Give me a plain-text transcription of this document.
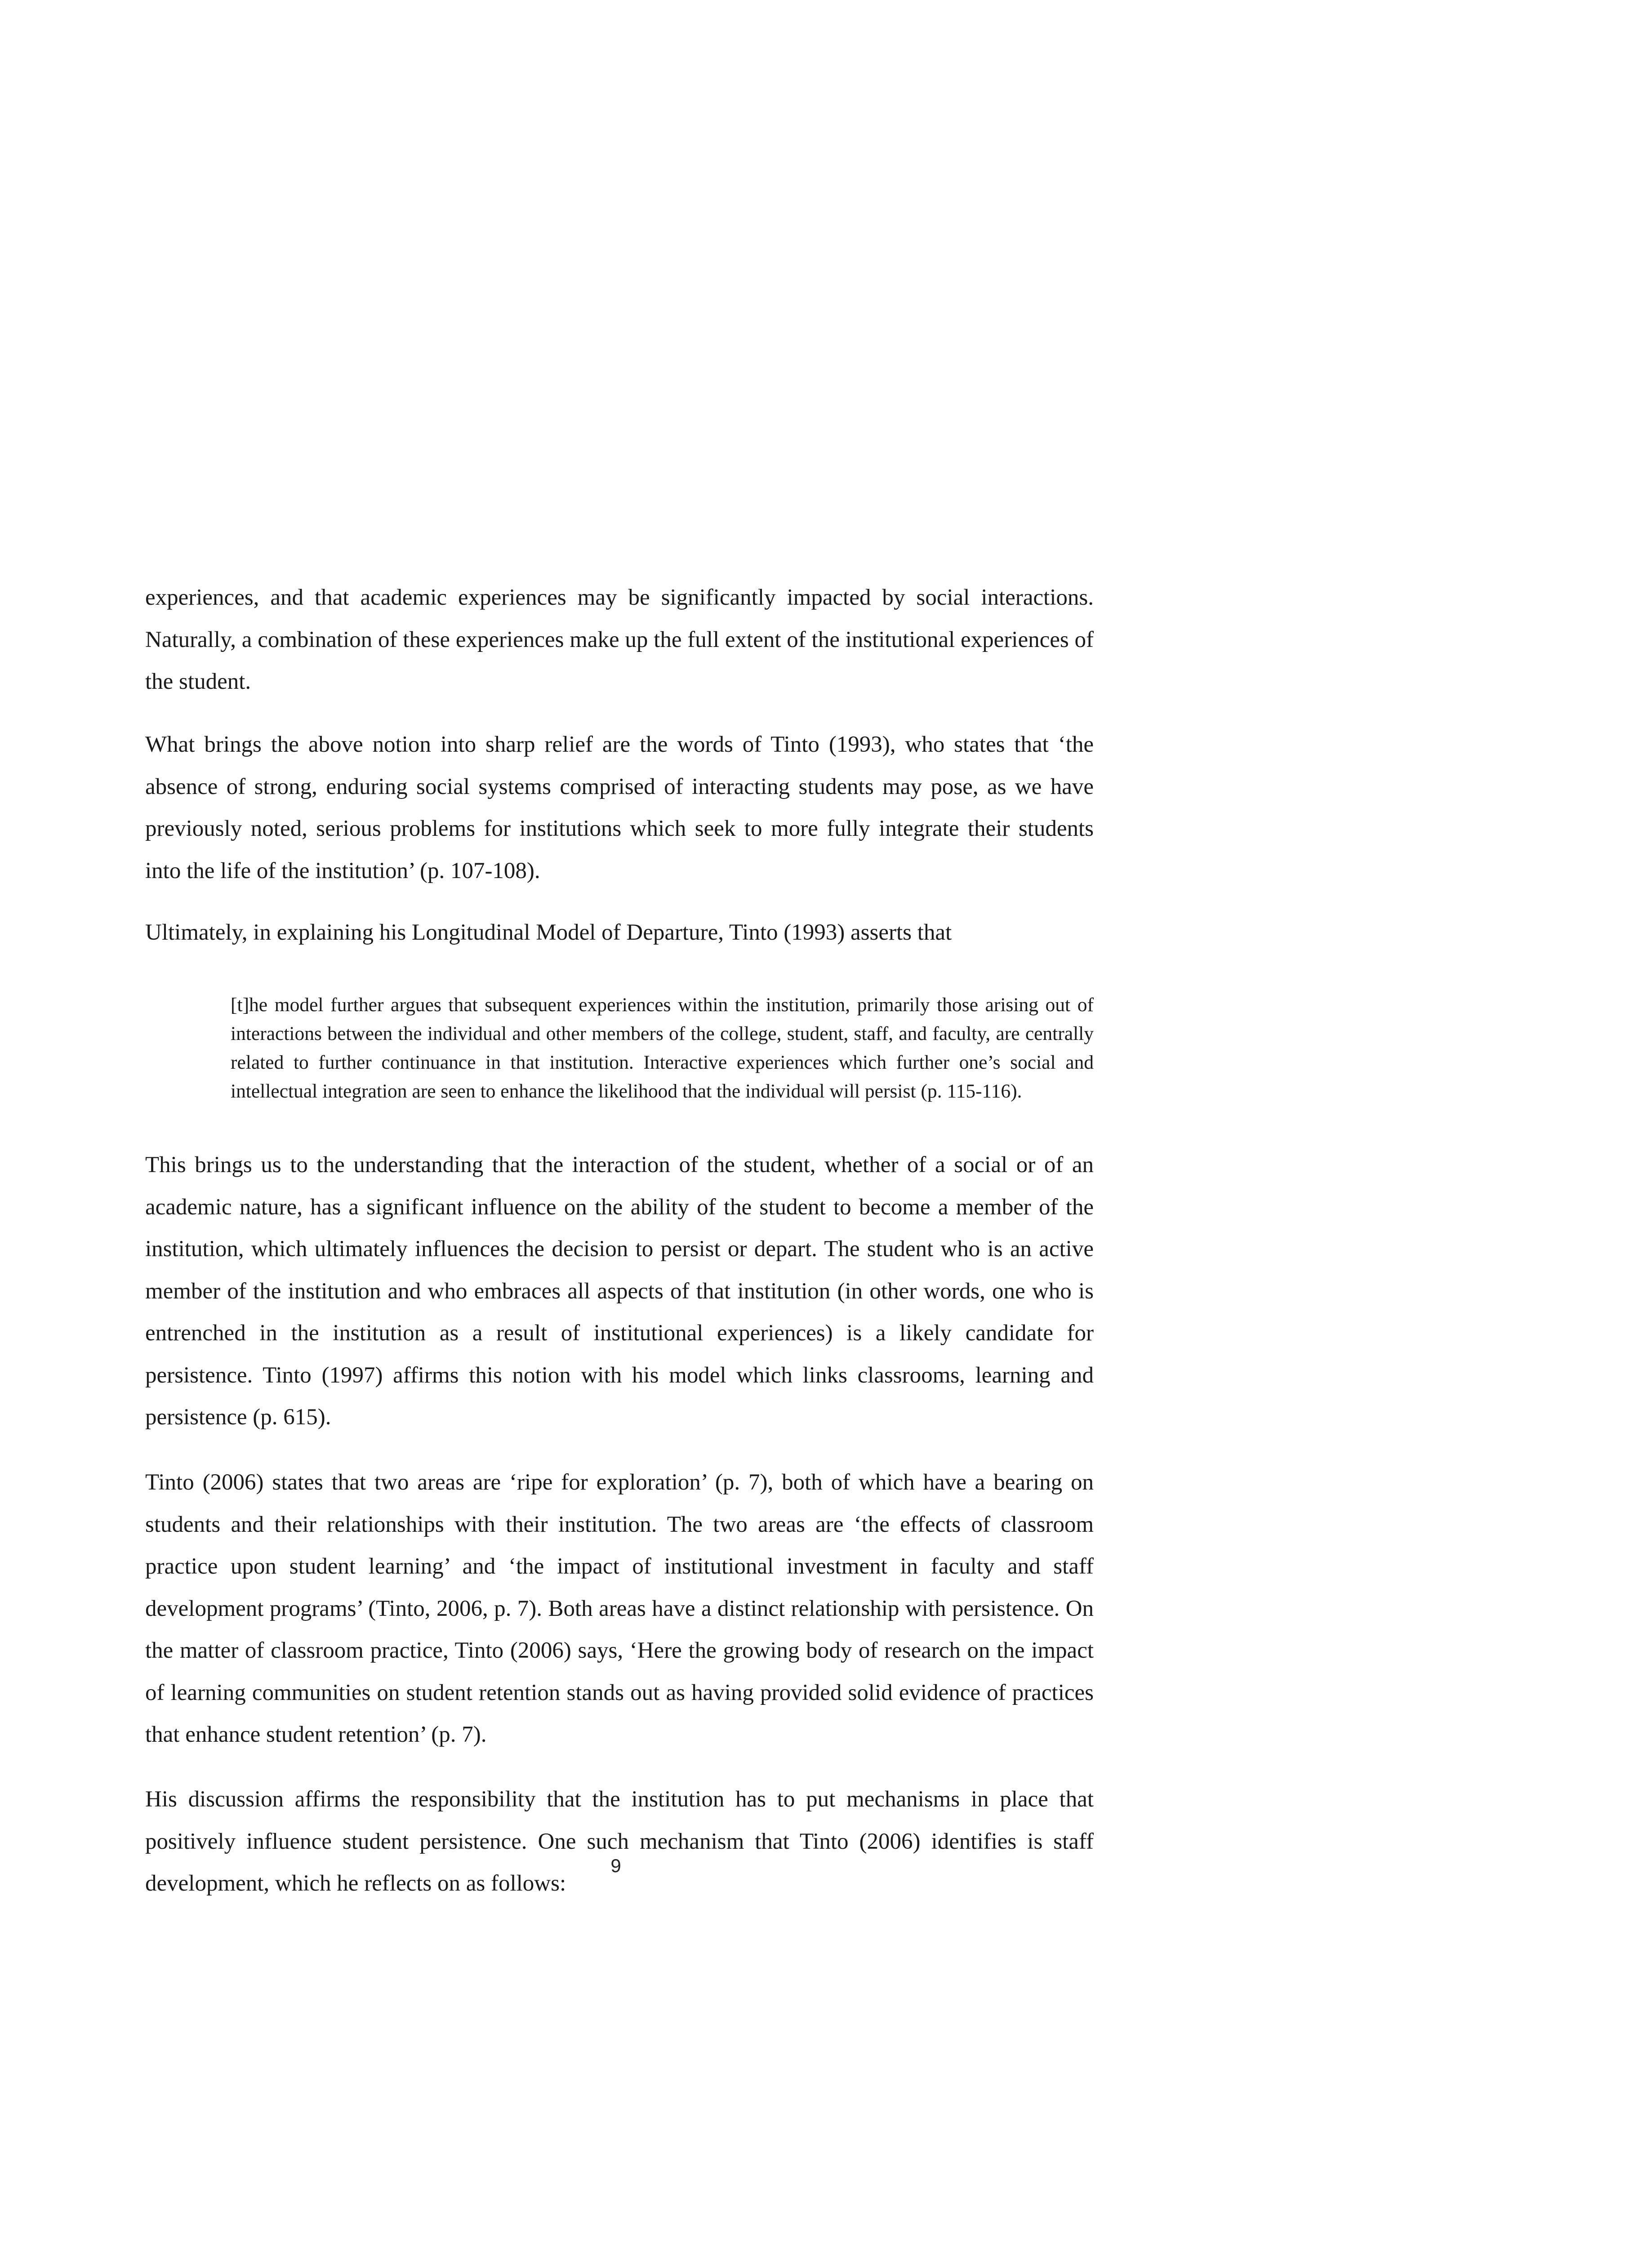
experiences, and that academic experiences may be significantly impacted by social interactions. Naturally, a combination of these experiences make up the full extent of the institutional experiences of the student.

What brings the above notion into sharp relief are the words of Tinto (1993), who states that ‘the absence of strong, enduring social systems comprised of interacting students may pose, as we have previously noted, serious problems for institutions which seek to more fully integrate their students into the life of the institution’ (p. 107-108).

Ultimately, in explaining his Longitudinal Model of Departure, Tinto (1993) asserts that

[t]he model further argues that subsequent experiences within the institution, primarily those arising out of interactions between the individual and other members of the college, student, staff, and faculty, are centrally related to further continuance in that institution. Interactive experiences which further one’s social and intellectual integration are seen to enhance the likelihood that the individual will persist (p. 115-116).

This brings us to the understanding that the interaction of the student, whether of a social or of an academic nature, has a significant influence on the ability of the student to become a member of the institution, which ultimately influences the decision to persist or depart. The student who is an active member of the institution and who embraces all aspects of that institution (in other words, one who is entrenched in the institution as a result of institutional experiences) is a likely candidate for persistence. Tinto (1997) affirms this notion with his model which links classrooms, learning and persistence (p. 615).

Tinto (2006) states that two areas are ‘ripe for exploration’ (p. 7), both of which have a bearing on students and their relationships with their institution. The two areas are ‘the effects of classroom practice upon student learning’ and ‘the impact of institutional investment in faculty and staff development programs’ (Tinto, 2006, p. 7). Both areas have a distinct relationship with persistence. On the matter of classroom practice, Tinto (2006) says, ‘Here the growing body of research on the impact of learning communities on student retention stands out as having provided solid evidence of practices that enhance student retention’ (p. 7).

His discussion affirms the responsibility that the institution has to put mechanisms in place that positively influence student persistence. One such mechanism that Tinto (2006) identifies is staff development, which he reflects on as follows:

9
